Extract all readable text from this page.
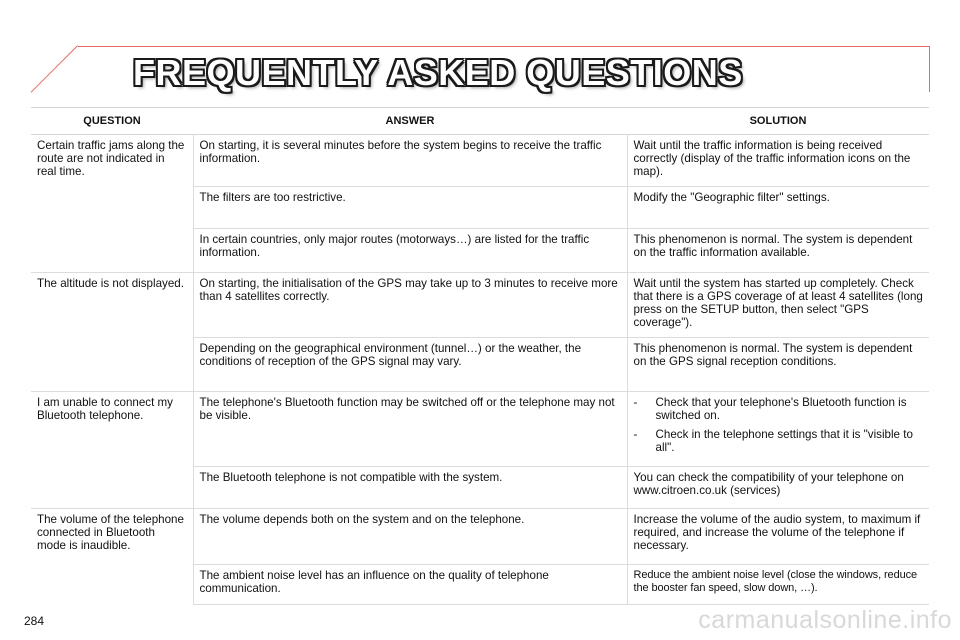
FREQUENTLY ASKED QUESTIONS
QUESTION	ANSWER	SOLUTION
Certain traffic jams along the route are not indicated in real time.	On starting, it is several minutes before the system begins to receive the traffic information.	Wait until the traffic information is being received correctly (display of the traffic information icons on the map).
	The filters are too restrictive.	Modify the "Geographic filter" settings.
	In certain countries, only major routes (motorways…) are listed for the traffic information.	This phenomenon is normal. The system is dependent on the traffic information available.
The altitude is not displayed.	On starting, the initialisation of the GPS may take up to 3 minutes to receive more than 4 satellites correctly.	Wait until the system has started up completely. Check that there is a GPS coverage of at least 4 satellites (long press on the SETUP button, then select "GPS coverage").
	Depending on the geographical environment (tunnel…) or the weather, the conditions of reception of the GPS signal may vary.	This phenomenon is normal. The system is dependent on the GPS signal reception conditions.
I am unable to connect my Bluetooth telephone.	The telephone's Bluetooth function may be switched off or the telephone may not be visible.	- Check that your telephone's Bluetooth function is switched on.
- Check in the telephone settings that it is "visible to all".

	The Bluetooth telephone is not compatible with the system.	You can check the compatibility of your telephone on www.citroen.co.uk (services)
The volume of the telephone connected in Bluetooth mode is inaudible.	The volume depends both on the system and on the telephone.	Increase the volume of the audio system, to maximum if required, and increase the volume of the telephone if necessary.
	The ambient noise level has an influence on the quality of telephone communication.	Reduce the ambient noise level (close the windows, reduce the booster fan speed, slow down, …).
284	carmanualsonline.info
